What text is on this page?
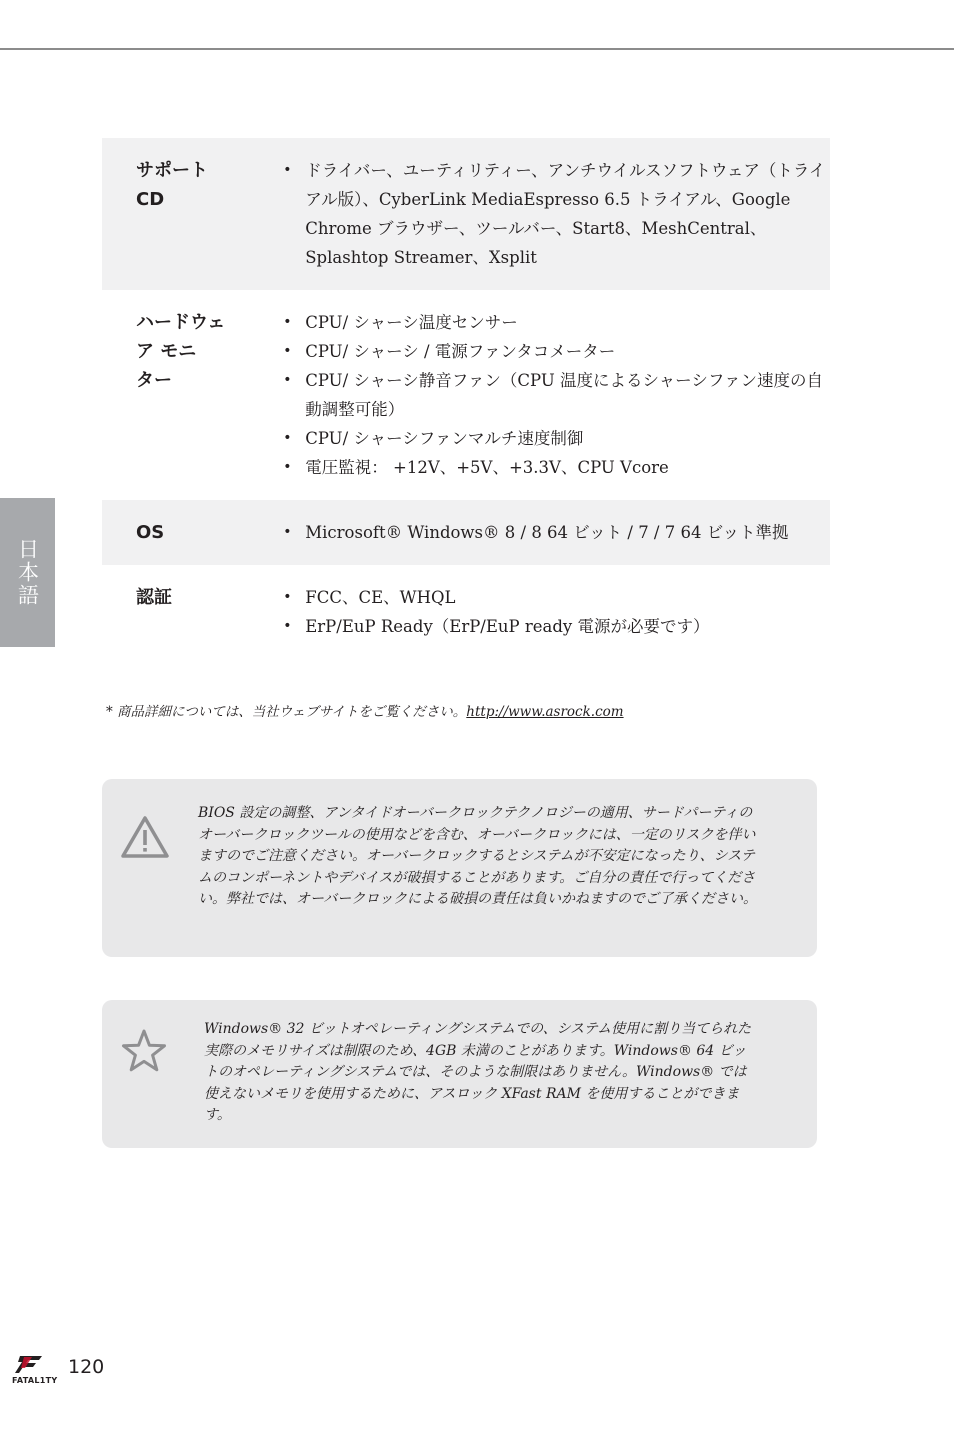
サポート
CD
• ドライバー、ユーティリティー、アンチウイルスソフトウェア（トライアル版）、CyberLink MediaEspresso 6.5 トライアル、Google Chrome ブラウザー、ツールバー、Start8、MeshCentral、Splashtop Streamer、Xsplit
ハードウェ
ア モニ
ター
• CPU/ シャーシ温度センサー
• CPU/ シャーシ / 電源ファンタコメーター
• CPU/ シャーシ静音ファン（CPU 温度によるシャーシファン速度の自動調整可能）
• CPU/ シャーシファンマルチ速度制御
• 電圧監視： +12V、+5V、+3.3V、CPU Vcore
OS	• Microsoft® Windows® 8 / 8 64 ビット / 7 / 7 64 ビット準拠
認証	• FCC、CE、WHQL
• ErP/EuP Ready（ErP/EuP ready 電源が必要です）
* 商品詳細については、当社ウェブサイトをご覧ください。http://www.asrock.com
BIOS 設定の調整、アンタイドオーバークロックテクノロジーの適用、サードパーティのオーバークロックツールの使用などを含む、オーバークロックには、一定のリスクを伴いますのでご注意ください。オーバークロックするとシステムが不安定になったり、システムのコンポーネントやデバイスが破損することがあります。ご自分の責任で行ってください。弊社では、オーバークロックによる破損の責任は負いかねますのでご了承ください。
Windows® 32 ビットオペレーティングシステムでの、システム使用に割り当てられた実際のメモリサイズは制限のため、4GB 未満のことがあります。Windows® 64 ビットのオペレーティングシステムでは、そのような制限はありません。Windows® では使えないメモリを使用するために、アスロック XFast RAM を使用することができます。
日本語
FATAL1TY
120
